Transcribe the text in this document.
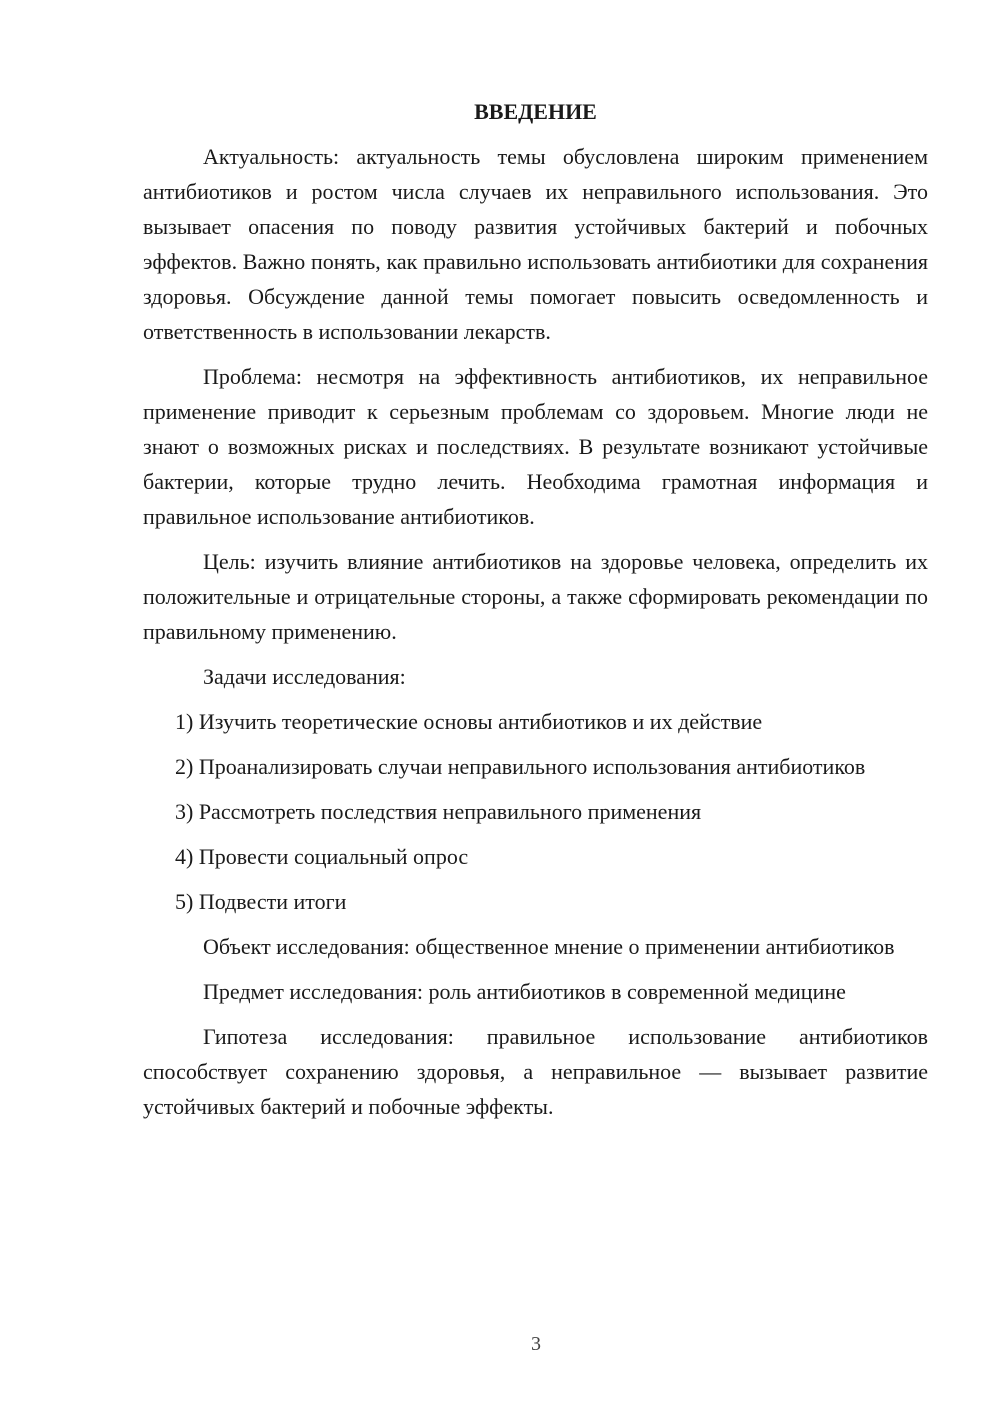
ВВЕДЕНИЕ

Актуальность: актуальность темы обусловлена широким применением антибиотиков и ростом числа случаев их неправильного использования. Это вызывает опасения по поводу развития устойчивых бактерий и побочных эффектов. Важно понять, как правильно использовать антибиотики для сохранения здоровья. Обсуждение данной темы помогает повысить осведомленность и ответственность в использовании лекарств.

Проблема: несмотря на эффективность антибиотиков, их неправильное применение приводит к серьезным проблемам со здоровьем. Многие люди не знают о возможных рисках и последствиях. В результате возникают устойчивые бактерии, которые трудно лечить. Необходима грамотная информация и правильное использование антибиотиков.

Цель: изучить влияние антибиотиков на здоровье человека, определить их положительные и отрицательные стороны, а также сформировать рекомендации по правильному применению.

Задачи исследования:

1) Изучить теоретические основы антибиотиков и их действие

2) Проанализировать случаи неправильного использования антибиотиков

3) Рассмотреть последствия неправильного применения

4) Провести социальный опрос

5) Подвести итоги

Объект исследования: общественное мнение о применении антибиотиков

Предмет исследования: роль антибиотиков в современной медицине

Гипотеза исследования: правильное использование антибиотиков способствует сохранению здоровья, а неправильное — вызывает развитие устойчивых бактерий и побочные эффекты.

3
